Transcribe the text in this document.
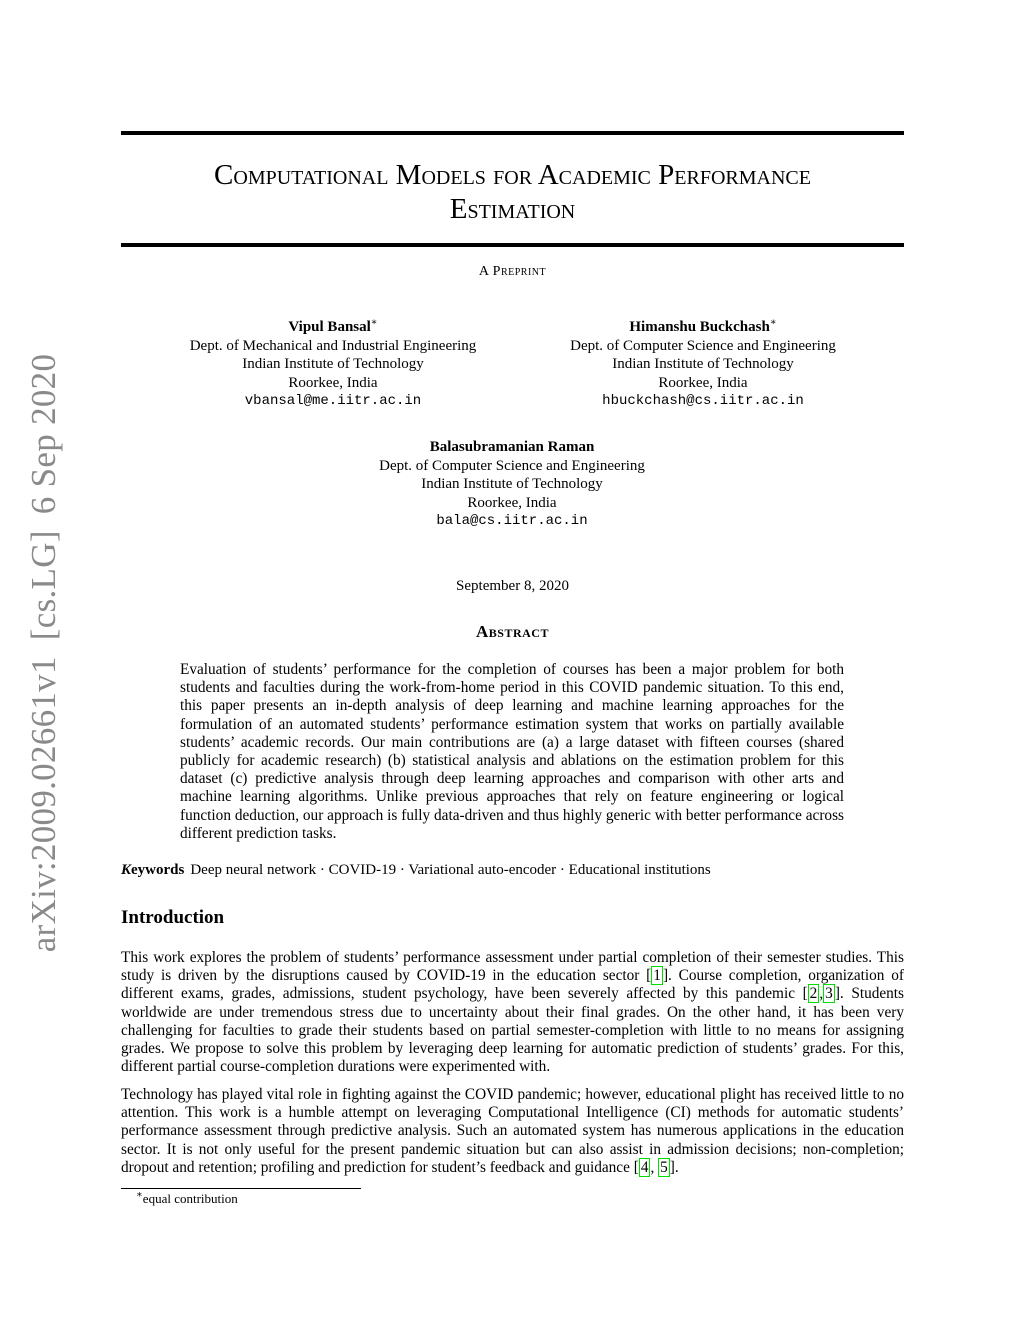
arXiv:2009.02661v1[cs.LG]6 Sep 2020
Computational Models for Academic Performance
Estimation
A Preprint
Vipul Bansal∗
Dept. of Mechanical and Industrial Engineering
Indian Institute of Technology
Roorkee, India
vbansal@me.iitr.ac.in
Himanshu Buckchash∗
Dept. of Computer Science and Engineering
Indian Institute of Technology
Roorkee, India
hbuckchash@cs.iitr.ac.in
Balasubramanian Raman
Dept. of Computer Science and Engineering
Indian Institute of Technology
Roorkee, India
bala@cs.iitr.ac.in
September 8, 2020
Abstract
Evaluation of students’ performance for the completion of courses has been a major problem for both students and faculties during the work-from-home period in this COVID pandemic situation. To this end, this paper presents an in-depth analysis of deep learning and machine learning approaches for the formulation of an automated students’ performance estimation system that works on partially available students’ academic records. Our main contributions are (a) a large dataset with fifteen courses (shared publicly for academic research) (b) statistical analysis and ablations on the estimation problem for this dataset (c) predictive analysis through deep learning approaches and comparison with other arts and machine learning algorithms. Unlike previous approaches that rely on feature engineering or logical function deduction, our approach is fully data-driven and thus highly generic with better performance across different prediction tasks.
Keywords Deep neural network · COVID-19 · Variational auto-encoder · Educational institutions
Introduction
This work explores the problem of students’ performance assessment under partial completion of their semester studies. This study is driven by the disruptions caused by COVID-19 in the education sector [ 1 ]. Course completion, organization of different exams, grades, admissions, student psychology, have been severely affected by this pandemic [ 2 , 3 ]. Students worldwide are under tremendous stress due to uncertainty about their final grades. On the other hand, it has been very challenging for faculties to grade their students based on partial semester-completion with little to no means for assigning grades. We propose to solve this problem by leveraging deep learning for automatic prediction of students’ grades. For this, different partial course-completion durations were experimented with.
Technology has played vital role in fighting against the COVID pandemic; however, educational plight has received little to no attention. This work is a humble attempt on leveraging Computational Intelligence (CI) methods for automatic students’ performance assessment through predictive analysis. Such an automated system has numerous applications in the education sector. It is not only useful for the present pandemic situation but can also assist in admission decisions; non-completion; dropout and retention; profiling and prediction for student’s feedback and guidance [ 4 , 5 ].
∗equal contribution
